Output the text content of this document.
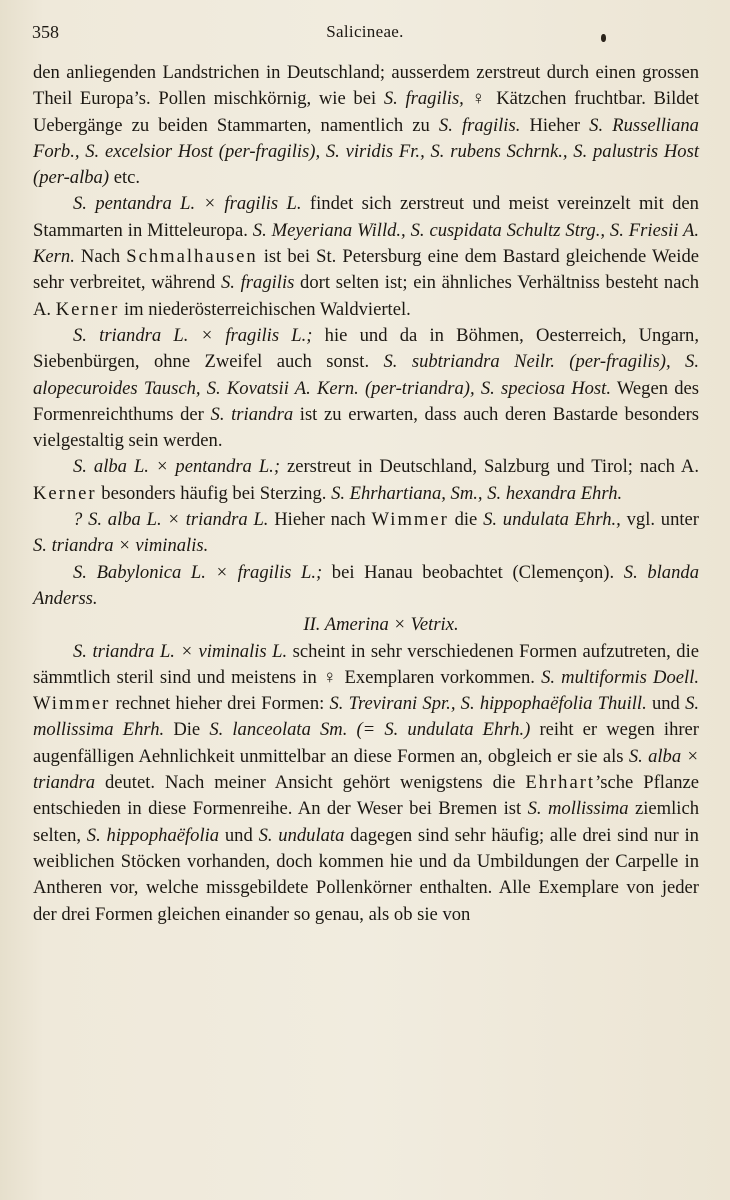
358	Salicineae.

den anliegenden Landstrichen in Deutschland; ausserdem zerstreut durch einen grossen Theil Europa’s. Pollen mischkörnig, wie bei S. fragilis, ♀ Kätzchen fruchtbar. Bildet Uebergänge zu beiden Stammarten, namentlich zu S. fragilis. Hieher S. Russelliana Forb., S. excelsior Host (per-fragilis), S. viridis Fr., S. rubens Schrnk., S. palustris Host (per-alba) etc.

S. pentandra L. × fragilis L. findet sich zerstreut und meist vereinzelt mit den Stammarten in Mitteleuropa. S. Meyeriana Willd., S. cuspidata Schultz Strg., S. Friesii A. Kern. Nach Schmalhausen ist bei St. Petersburg eine dem Bastard gleichende Weide sehr verbreitet, während S. fragilis dort selten ist; ein ähnliches Verhältniss besteht nach A. Kerner im niederösterreichischen Waldviertel.

S. triandra L. × fragilis L.; hie und da in Böhmen, Oesterreich, Ungarn, Siebenbürgen, ohne Zweifel auch sonst. S. subtriandra Neilr. (per-fragilis), S. alopecuroides Tausch, S. Kovatsii A. Kern. (per-triandra), S. speciosa Host. Wegen des Formenreichthums der S. triandra ist zu erwarten, dass auch deren Bastarde besonders vielgestaltig sein werden.

S. alba L. × pentandra L.; zerstreut in Deutschland, Salzburg und Tirol; nach A. Kerner besonders häufig bei Sterzing. S. Ehrhartiana, Sm., S. hexandra Ehrh.

? S. alba L. × triandra L. Hieher nach Wimmer die S. undulata Ehrh., vgl. unter S. triandra × viminalis.

S. Babylonica L. × fragilis L.; bei Hanau beobachtet (Clemençon). S. blanda Anderss.

II. Amerina × Vetrix.

S. triandra L. × viminalis L. scheint in sehr verschiedenen Formen aufzutreten, die sämmtlich steril sind und meistens in ♀ Exemplaren vorkommen. S. multiformis Doell. Wimmer rechnet hieher drei Formen: S. Trevirani Spr., S. hippophaëfolia Thuill. und S. mollissima Ehrh. Die S. lanceolata Sm. (= S. undulata Ehrh.) reiht er wegen ihrer augenfälligen Aehnlichkeit unmittelbar an diese Formen an, obgleich er sie als S. alba × triandra deutet. Nach meiner Ansicht gehört wenigstens die Ehrhart’sche Pflanze entschieden in diese Formenreihe. An der Weser bei Bremen ist S. mollissima ziemlich selten, S. hippophaëfolia und S. undulata dagegen sind sehr häufig; alle drei sind nur in weiblichen Stöcken vorhanden, doch kommen hie und da Umbildungen der Carpelle in Antheren vor, welche missgebildete Pollenkörner enthalten. Alle Exemplare von jeder der drei Formen gleichen einander so genau, als ob sie von
